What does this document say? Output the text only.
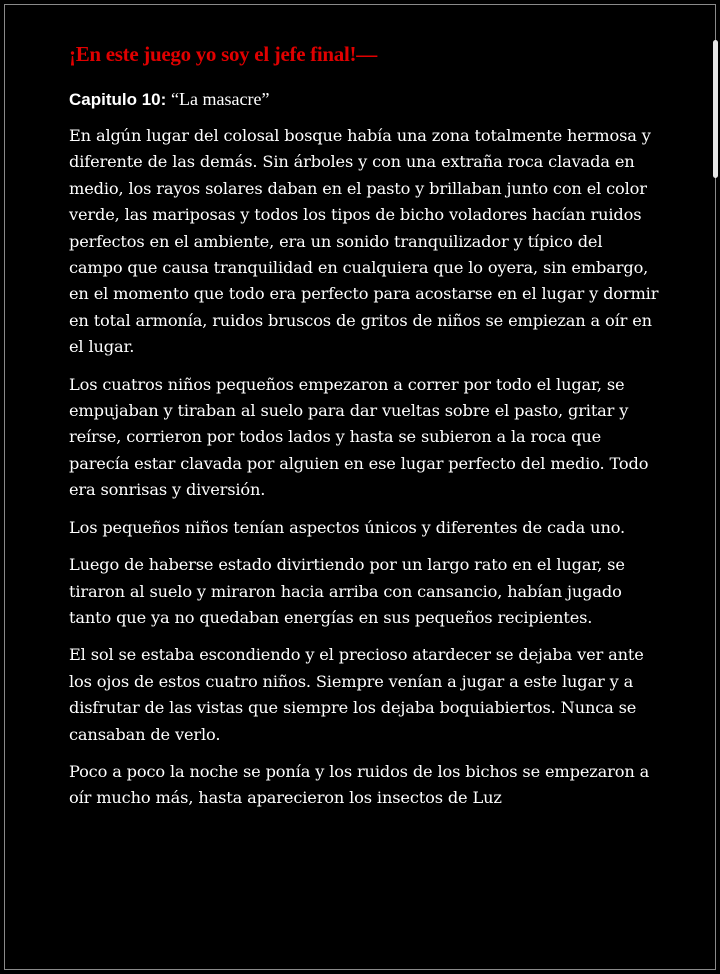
¡En este juego yo soy el jefe final!—
Capitulo 10: “La masacre”

En algún lugar del colosal bosque había una zona totalmente hermosa y diferente de las demás. Sin árboles y con una extraña roca clavada en medio, los rayos solares daban en el pasto y brillaban junto con el color verde, las mariposas y todos los tipos de bicho voladores hacían ruidos perfectos en el ambiente, era un sonido tranquilizador y típico del campo que causa tranquilidad en cualquiera que lo oyera, sin embargo, en el momento que todo era perfecto para acostarse en el lugar y dormir en total armonía, ruidos bruscos de gritos de niños se empiezan a oír en el lugar.

Los cuatros niños pequeños empezaron a correr por todo el lugar, se empujaban y tiraban al suelo para dar vueltas sobre el pasto, gritar y reírse, corrieron por todos lados y hasta se subieron a la roca que parecía estar clavada por alguien en ese lugar perfecto del medio. Todo era sonrisas y diversión.

Los pequeños niños tenían aspectos únicos y diferentes de cada uno.

Luego de haberse estado divirtiendo por un largo rato en el lugar, se tiraron al suelo y miraron hacia arriba con cansancio, habían jugado tanto que ya no quedaban energías en sus pequeños recipientes.

El sol se estaba escondiendo y el precioso atardecer se dejaba ver ante los ojos de estos cuatro niños. Siempre venían a jugar a este lugar y a disfrutar de las vistas que siempre los dejaba boquiabiertos. Nunca se cansaban de verlo.

Poco a poco la noche se ponía y los ruidos de los bichos se empezaron a oír mucho más, hasta aparecieron los insectos de Luz
